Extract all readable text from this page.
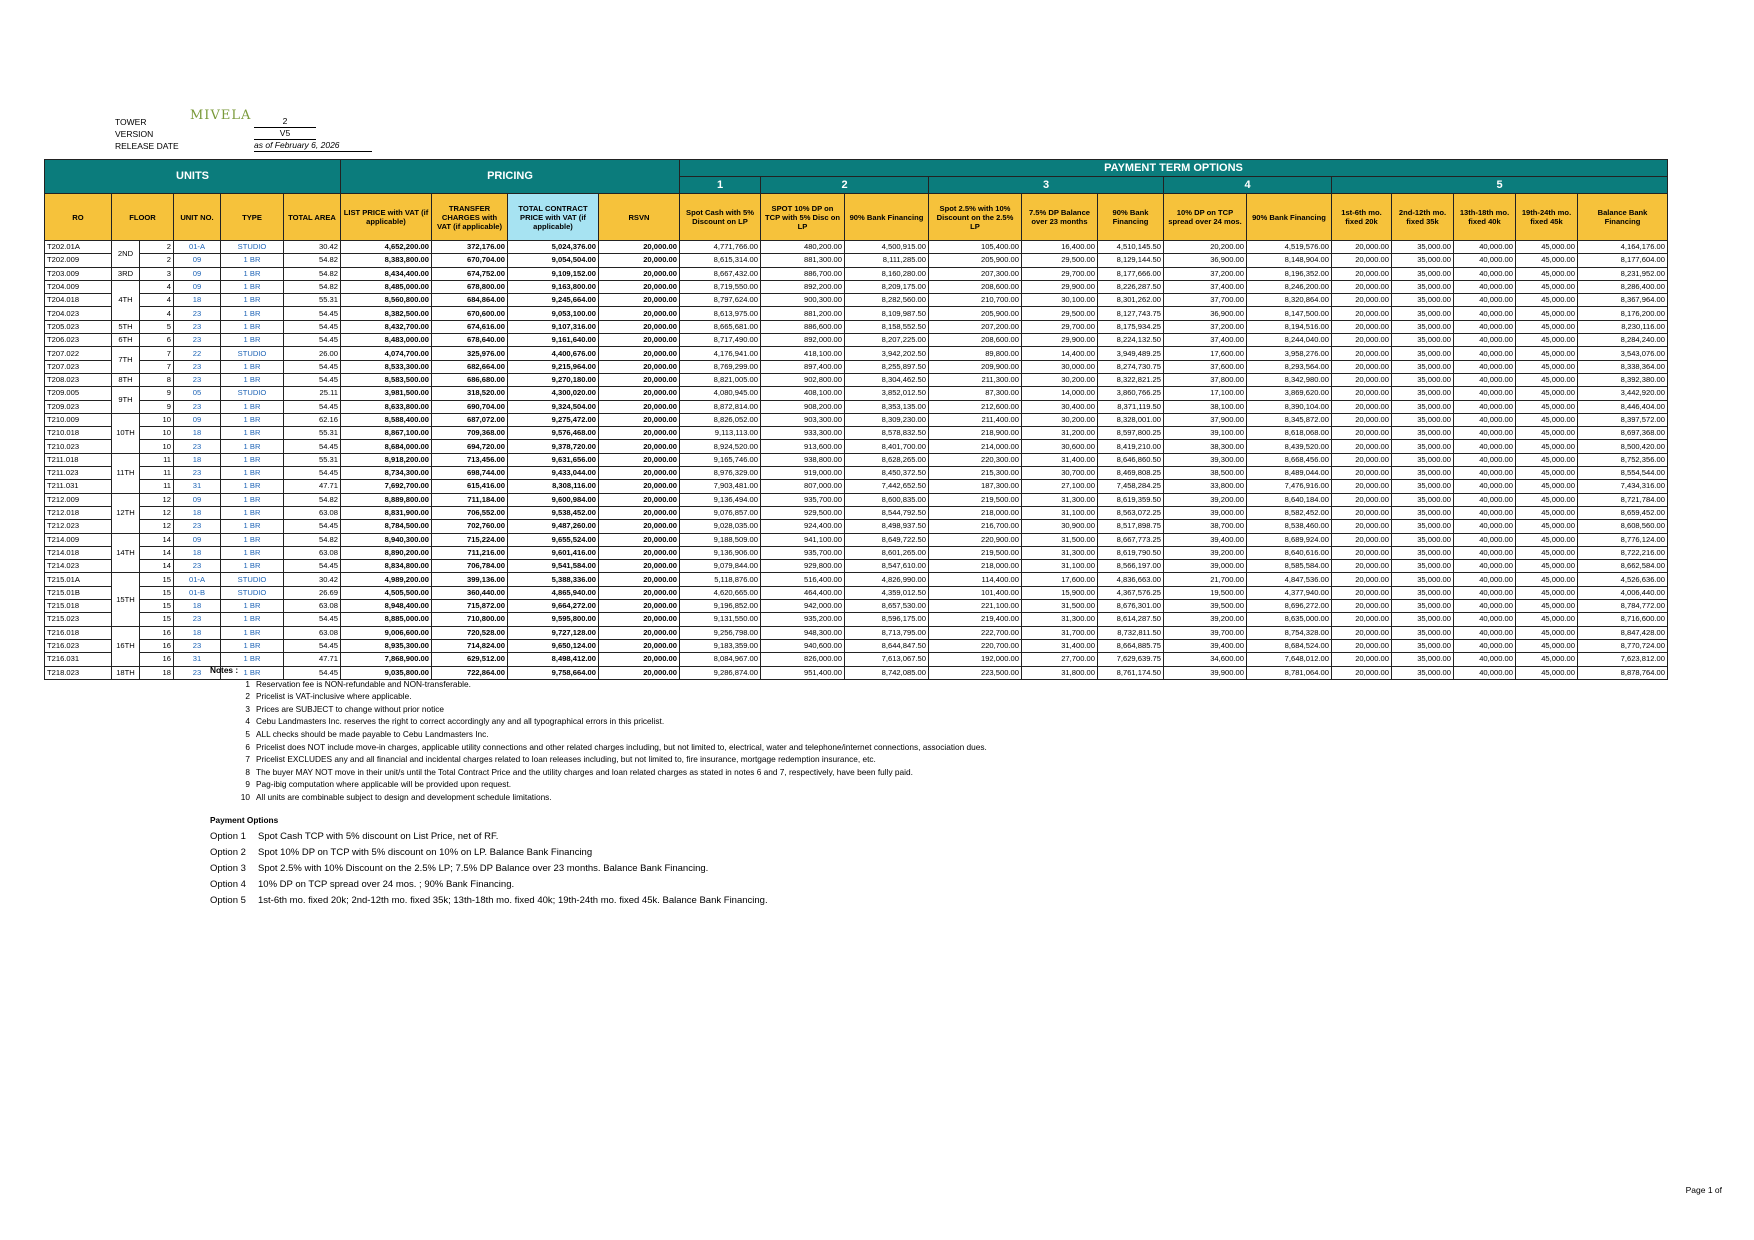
TOWER	2
VERSION	V5
RELEASE DATE	as of February 6, 2026
MIVELA
UNITS						PRICING				PAYMENT TERM OPTIONS												
										1	2		3			4		5				
RO	FLOOR		UNIT NO.	TYPE	TOTAL AREA	LIST PRICE with VAT (if applicable)	TRANSFER CHARGES with VAT (if applicable)	TOTAL CONTRACT PRICE with VAT (if applicable)	RSVN	Spot Cash with 5% Discount on LP	SPOT 10% DP on TCP with 5% Disc on LP	90% Bank Financing	Spot 2.5% with 10% Discount on the 2.5% LP	7.5% DP Balance over 23 months	90% Bank Financing	10% DP on TCP spread over 24 mos.	90% Bank Financing	1st-6th mo. fixed 20k	2nd-12th mo. fixed 35k	13th-18th mo. fixed 40k	19th-24th mo. fixed 45k	Balance Bank Financing
T202.01A	2ND	2	01-A	STUDIO	30.42	4,652,200.00	372,176.00	5,024,376.00	20,000.00	4,771,766.00	480,200.00	4,500,915.00	105,400.00	16,400.00	4,510,145.50	20,200.00	4,519,576.00	20,000.00	35,000.00	40,000.00	45,000.00	4,164,176.00
T202.009		2	09	1 BR	54.82	8,383,800.00	670,704.00	9,054,504.00	20,000.00	8,615,314.00	881,300.00	8,111,285.00	205,900.00	29,500.00	8,129,144.50	36,900.00	8,148,904.00	20,000.00	35,000.00	40,000.00	45,000.00	8,177,604.00
T203.009	3RD	3	09	1 BR	54.82	8,434,400.00	674,752.00	9,109,152.00	20,000.00	8,667,432.00	886,700.00	8,160,280.00	207,300.00	29,700.00	8,177,666.00	37,200.00	8,196,352.00	20,000.00	35,000.00	40,000.00	45,000.00	8,231,952.00
T204.009	4TH	4	09	1 BR	54.82	8,485,000.00	678,800.00	9,163,800.00	20,000.00	8,719,550.00	892,200.00	8,209,175.00	208,600.00	29,900.00	8,226,287.50	37,400.00	8,246,200.00	20,000.00	35,000.00	40,000.00	45,000.00	8,286,400.00
T204.018		4	18	1 BR	55.31	8,560,800.00	684,864.00	9,245,664.00	20,000.00	8,797,624.00	900,300.00	8,282,560.00	210,700.00	30,100.00	8,301,262.00	37,700.00	8,320,864.00	20,000.00	35,000.00	40,000.00	45,000.00	8,367,964.00
T204.023		4	23	1 BR	54.45	8,382,500.00	670,600.00	9,053,100.00	20,000.00	8,613,975.00	881,200.00	8,109,987.50	205,900.00	29,500.00	8,127,743.75	36,900.00	8,147,500.00	20,000.00	35,000.00	40,000.00	45,000.00	8,176,200.00
T205.023	5TH	5	23	1 BR	54.45	8,432,700.00	674,616.00	9,107,316.00	20,000.00	8,665,681.00	886,600.00	8,158,552.50	207,200.00	29,700.00	8,175,934.25	37,200.00	8,194,516.00	20,000.00	35,000.00	40,000.00	45,000.00	8,230,116.00
T206.023	6TH	6	23	1 BR	54.45	8,483,000.00	678,640.00	9,161,640.00	20,000.00	8,717,490.00	892,000.00	8,207,225.00	208,600.00	29,900.00	8,224,132.50	37,400.00	8,244,040.00	20,000.00	35,000.00	40,000.00	45,000.00	8,284,240.00
T207.022	7TH	7	22	STUDIO	26.00	4,074,700.00	325,976.00	4,400,676.00	20,000.00	4,176,941.00	418,100.00	3,942,202.50	89,800.00	14,400.00	3,949,489.25	17,600.00	3,958,276.00	20,000.00	35,000.00	40,000.00	45,000.00	3,543,076.00
T207.023		7	23	1 BR	54.45	8,533,300.00	682,664.00	9,215,964.00	20,000.00	8,769,299.00	897,400.00	8,255,897.50	209,900.00	30,000.00	8,274,730.75	37,600.00	8,293,564.00	20,000.00	35,000.00	40,000.00	45,000.00	8,338,364.00
T208.023	8TH	8	23	1 BR	54.45	8,583,500.00	686,680.00	9,270,180.00	20,000.00	8,821,005.00	902,800.00	8,304,462.50	211,300.00	30,200.00	8,322,821.25	37,800.00	8,342,980.00	20,000.00	35,000.00	40,000.00	45,000.00	8,392,380.00
T209.005	9TH	9	05	STUDIO	25.11	3,981,500.00	318,520.00	4,300,020.00	20,000.00	4,080,945.00	408,100.00	3,852,012.50	87,300.00	14,000.00	3,860,766.25	17,100.00	3,869,620.00	20,000.00	35,000.00	40,000.00	45,000.00	3,442,920.00
T209.023		9	23	1 BR	54.45	8,633,800.00	690,704.00	9,324,504.00	20,000.00	8,872,814.00	908,200.00	8,353,135.00	212,600.00	30,400.00	8,371,119.50	38,100.00	8,390,104.00	20,000.00	35,000.00	40,000.00	45,000.00	8,446,404.00
T210.009	10TH	10	09	1 BR	62.16	8,588,400.00	687,072.00	9,275,472.00	20,000.00	8,826,052.00	903,300.00	8,309,230.00	211,400.00	30,200.00	8,328,001.00	37,900.00	8,345,872.00	20,000.00	35,000.00	40,000.00	45,000.00	8,397,572.00
T210.018		10	18	1 BR	55.31	8,867,100.00	709,368.00	9,576,468.00	20,000.00	9,113,113.00	933,300.00	8,578,832.50	218,900.00	31,200.00	8,597,800.25	39,100.00	8,618,068.00	20,000.00	35,000.00	40,000.00	45,000.00	8,697,368.00
T210.023		10	23	1 BR	54.45	8,684,000.00	694,720.00	9,378,720.00	20,000.00	8,924,520.00	913,600.00	8,401,700.00	214,000.00	30,600.00	8,419,210.00	38,300.00	8,439,520.00	20,000.00	35,000.00	40,000.00	45,000.00	8,500,420.00
T211.018	11TH	11	18	1 BR	55.31	8,918,200.00	713,456.00	9,631,656.00	20,000.00	9,165,746.00	938,800.00	8,628,265.00	220,300.00	31,400.00	8,646,860.50	39,300.00	8,668,456.00	20,000.00	35,000.00	40,000.00	45,000.00	8,752,356.00
T211.023		11	23	1 BR	54.45	8,734,300.00	698,744.00	9,433,044.00	20,000.00	8,976,329.00	919,000.00	8,450,372.50	215,300.00	30,700.00	8,469,808.25	38,500.00	8,489,044.00	20,000.00	35,000.00	40,000.00	45,000.00	8,554,544.00
T211.031		11	31	1 BR	47.71	7,692,700.00	615,416.00	8,308,116.00	20,000.00	7,903,481.00	807,000.00	7,442,652.50	187,300.00	27,100.00	7,458,284.25	33,800.00	7,476,916.00	20,000.00	35,000.00	40,000.00	45,000.00	7,434,316.00
T212.009	12TH	12	09	1 BR	54.82	8,889,800.00	711,184.00	9,600,984.00	20,000.00	9,136,494.00	935,700.00	8,600,835.00	219,500.00	31,300.00	8,619,359.50	39,200.00	8,640,184.00	20,000.00	35,000.00	40,000.00	45,000.00	8,721,784.00
T212.018		12	18	1 BR	63.08	8,831,900.00	706,552.00	9,538,452.00	20,000.00	9,076,857.00	929,500.00	8,544,792.50	218,000.00	31,100.00	8,563,072.25	39,000.00	8,582,452.00	20,000.00	35,000.00	40,000.00	45,000.00	8,659,452.00
T212.023		12	23	1 BR	54.45	8,784,500.00	702,760.00	9,487,260.00	20,000.00	9,028,035.00	924,400.00	8,498,937.50	216,700.00	30,900.00	8,517,898.75	38,700.00	8,538,460.00	20,000.00	35,000.00	40,000.00	45,000.00	8,608,560.00
T214.009	14TH	14	09	1 BR	54.82	8,940,300.00	715,224.00	9,655,524.00	20,000.00	9,188,509.00	941,100.00	8,649,722.50	220,900.00	31,500.00	8,667,773.25	39,400.00	8,689,924.00	20,000.00	35,000.00	40,000.00	45,000.00	8,776,124.00
T214.018		14	18	1 BR	63.08	8,890,200.00	711,216.00	9,601,416.00	20,000.00	9,136,906.00	935,700.00	8,601,265.00	219,500.00	31,300.00	8,619,790.50	39,200.00	8,640,616.00	20,000.00	35,000.00	40,000.00	45,000.00	8,722,216.00
T214.023		14	23	1 BR	54.45	8,834,800.00	706,784.00	9,541,584.00	20,000.00	9,079,844.00	929,800.00	8,547,610.00	218,000.00	31,100.00	8,566,197.00	39,000.00	8,585,584.00	20,000.00	35,000.00	40,000.00	45,000.00	8,662,584.00
T215.01A	15TH	15	01-A	STUDIO	30.42	4,989,200.00	399,136.00	5,388,336.00	20,000.00	5,118,876.00	516,400.00	4,826,990.00	114,400.00	17,600.00	4,836,663.00	21,700.00	4,847,536.00	20,000.00	35,000.00	40,000.00	45,000.00	4,526,636.00
T215.01B		15	01-B	STUDIO	26.69	4,505,500.00	360,440.00	4,865,940.00	20,000.00	4,620,665.00	464,400.00	4,359,012.50	101,400.00	15,900.00	4,367,576.25	19,500.00	4,377,940.00	20,000.00	35,000.00	40,000.00	45,000.00	4,006,440.00
T215.018		15	18	1 BR	63.08	8,948,400.00	715,872.00	9,664,272.00	20,000.00	9,196,852.00	942,000.00	8,657,530.00	221,100.00	31,500.00	8,676,301.00	39,500.00	8,696,272.00	20,000.00	35,000.00	40,000.00	45,000.00	8,784,772.00
T215.023		15	23	1 BR	54.45	8,885,000.00	710,800.00	9,595,800.00	20,000.00	9,131,550.00	935,200.00	8,596,175.00	219,400.00	31,300.00	8,614,287.50	39,200.00	8,635,000.00	20,000.00	35,000.00	40,000.00	45,000.00	8,716,600.00
T216.018	16TH	16	18	1 BR	63.08	9,006,600.00	720,528.00	9,727,128.00	20,000.00	9,256,798.00	948,300.00	8,713,795.00	222,700.00	31,700.00	8,732,811.50	39,700.00	8,754,328.00	20,000.00	35,000.00	40,000.00	45,000.00	8,847,428.00
T216.023		16	23	1 BR	54.45	8,935,300.00	714,824.00	9,650,124.00	20,000.00	9,183,359.00	940,600.00	8,644,847.50	220,700.00	31,400.00	8,664,885.75	39,400.00	8,684,524.00	20,000.00	35,000.00	40,000.00	45,000.00	8,770,724.00
T216.031		16	31	1 BR	47.71	7,868,900.00	629,512.00	8,498,412.00	20,000.00	8,084,967.00	826,000.00	7,613,067.50	192,000.00	27,700.00	7,629,639.75	34,600.00	7,648,012.00	20,000.00	35,000.00	40,000.00	45,000.00	7,623,812.00
T218.023	18TH	18	23	1 BR	54.45	9,035,800.00	722,864.00	9,758,664.00	20,000.00	9,286,874.00	951,400.00	8,742,085.00	223,500.00	31,800.00	8,761,174.50	39,900.00	8,781,064.00	20,000.00	35,000.00	40,000.00	45,000.00	8,878,764.00
Notes :
1 Reservation fee is NON-refundable and NON-transferable.
2 Pricelist is VAT-inclusive where applicable.
3 Prices are SUBJECT to change without prior notice
4 Cebu Landmasters Inc. reserves the right to correct accordingly any and all typographical errors in this pricelist.
5 ALL checks should be made payable to Cebu Landmasters Inc.
6 Pricelist does NOT include move-in charges, applicable utility connections and other related charges including, but not limited to, electrical, water and telephone/internet connections, association dues.
7 Pricelist EXCLUDES any and all financial and incidental charges related to loan releases including, but not limited to, fire insurance, mortgage redemption insurance, etc.
8 The buyer MAY NOT move in their unit/s until the Total Contract Price and the utility charges and loan related charges as stated in notes 6 and 7, respectively, have been fully paid.
9 Pag-ibig computation where applicable will be provided upon request.
10 All units are combinable subject to design and development schedule limitations.
Payment Options
Option 1	Spot Cash TCP with 5% discount on List Price, net of RF.
Option 2	Spot 10% DP on TCP with 5% discount on 10% on LP. Balance Bank Financing
Option 3	Spot 2.5% with 10% Discount on the 2.5% LP; 7.5% DP Balance over 23 months. Balance Bank Financing.
Option 4	10% DP on TCP spread over 24 mos. ; 90% Bank Financing.
Option 5	1st-6th mo. fixed 20k; 2nd-12th mo. fixed 35k; 13th-18th mo. fixed 40k; 19th-24th mo. fixed 45k. Balance Bank Financing.
Page 1 of
